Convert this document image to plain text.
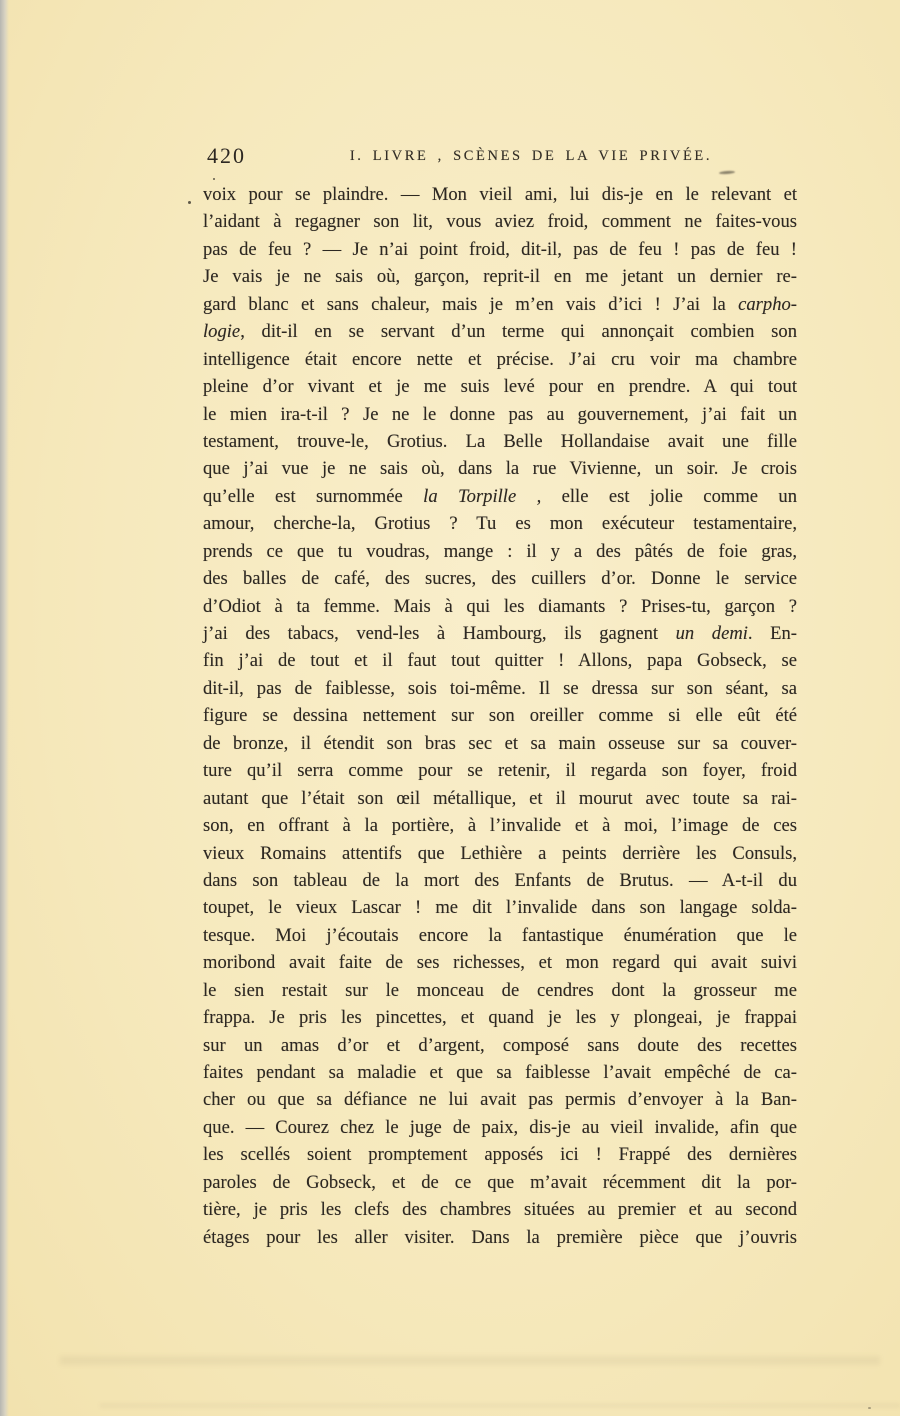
420	I. LIVRE , SCÈNES DE LA VIE PRIVÉE.
voix pour se plaindre. — Mon vieil ami, lui dis-je en le relevant et
l’aidant à regagner son lit, vous aviez froid, comment ne faites-vous
pas de feu ? — Je n’ai point froid, dit-il, pas de feu ! pas de feu !
Je vais je ne sais où, garçon, reprit-il en me jetant un dernier re-
gard blanc et sans chaleur, mais je m’en vais d’ici ! J’ai la carpho-
logie, dit-il en se servant d’un terme qui annonçait combien son
intelligence était encore nette et précise. J’ai cru voir ma chambre
pleine d’or vivant et je me suis levé pour en prendre. A qui tout
le mien ira-t-il ? Je ne le donne pas au gouvernement, j’ai fait un
testament, trouve-le, Grotius. La Belle Hollandaise avait une fille
que j’ai vue je ne sais où, dans la rue Vivienne, un soir. Je crois
qu’elle est surnommée la Torpille , elle est jolie comme un
amour, cherche-la, Grotius ? Tu es mon exécuteur testamentaire,
prends ce que tu voudras, mange : il y a des pâtés de foie gras,
des balles de café, des sucres, des cuillers d’or. Donne le service
d’Odiot à ta femme. Mais à qui les diamants ? Prises-tu, garçon ?
j’ai des tabacs, vend-les à Hambourg, ils gagnent un demi. En-
fin j’ai de tout et il faut tout quitter ! Allons, papa Gobseck, se
dit-il, pas de faiblesse, sois toi-même. Il se dressa sur son séant, sa
figure se dessina nettement sur son oreiller comme si elle eût été
de bronze, il étendit son bras sec et sa main osseuse sur sa couver-
ture qu’il serra comme pour se retenir, il regarda son foyer, froid
autant que l’était son œil métallique, et il mourut avec toute sa rai-
son, en offrant à la portière, à l’invalide et à moi, l’image de ces
vieux Romains attentifs que Lethière a peints derrière les Consuls,
dans son tableau de la mort des Enfants de Brutus. — A-t-il du
toupet, le vieux Lascar ! me dit l’invalide dans son langage solda-
tesque. Moi j’écoutais encore la fantastique énumération que le
moribond avait faite de ses richesses, et mon regard qui avait suivi
le sien restait sur le monceau de cendres dont la grosseur me
frappa. Je pris les pincettes, et quand je les y plongeai, je frappai
sur un amas d’or et d’argent, composé sans doute des recettes
faites pendant sa maladie et que sa faiblesse l’avait empêché de ca-
cher ou que sa défiance ne lui avait pas permis d’envoyer à la Ban-
que. — Courez chez le juge de paix, dis-je au vieil invalide, afin que
les scellés soient promptement apposés ici ! Frappé des dernières
paroles de Gobseck, et de ce que m’avait récemment dit la por-
tière, je pris les clefs des chambres situées au premier et au second
étages pour les aller visiter. Dans la première pièce que j’ouvris
